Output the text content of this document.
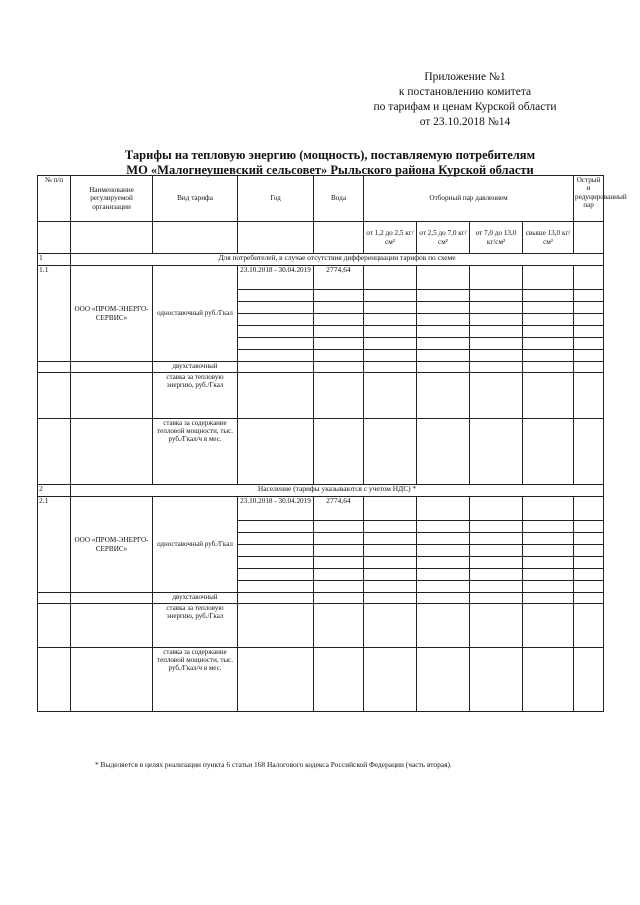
Приложение №1
к постановлению комитета
по тарифам и ценам Курской области
от 23.10.2018 №14
Тарифы на тепловую энергию (мощность), поставляемую потребителям
МО «Малогнеушевский сельсовет» Рыльского района Курской области
№ п/п	Наименование регулируемой организации	Вид тарифа	Год	Вода	Отборный пар давлением				Острый и редуцированный пар
					от 1,2 до 2,5 кг/см²	от 2,5 до 7,0 кг/см²	от 7,0 до 13,0 кг/см²	свыше 13,0 кг/см²	
1	Для потребителей, в случае отсутствия дифференциации тарифов по схеме								
1.1	ООО «ПРОМ-ЭНЕРГО-СЕРВИС»	одноставочный руб./Гкал	23.10.2018 - 30.04.2019	2774,64					

		двухставочный							
		ставка за тепловую энергию, руб./Гкал							
		ставка за содержание тепловой мощности, тыс. руб./Гкал/ч в мес.							
2	Население (тарифы указываются с учетом НДС) *								
2.1	ООО «ПРОМ-ЭНЕРГО-СЕРВИС»	одноставочный руб./Гкал	23.10.2018 - 30.04.2019	2774,64					

		двухставочный							
		ставка за тепловую энергию, руб./Гкал							
		ставка за содержание тепловой мощности, тыс. руб./Гкал/ч в мес.							
* Выделяется в целях реализации пункта 6 статьи 168 Налогового кодекса Российской Федерации (часть вторая).
